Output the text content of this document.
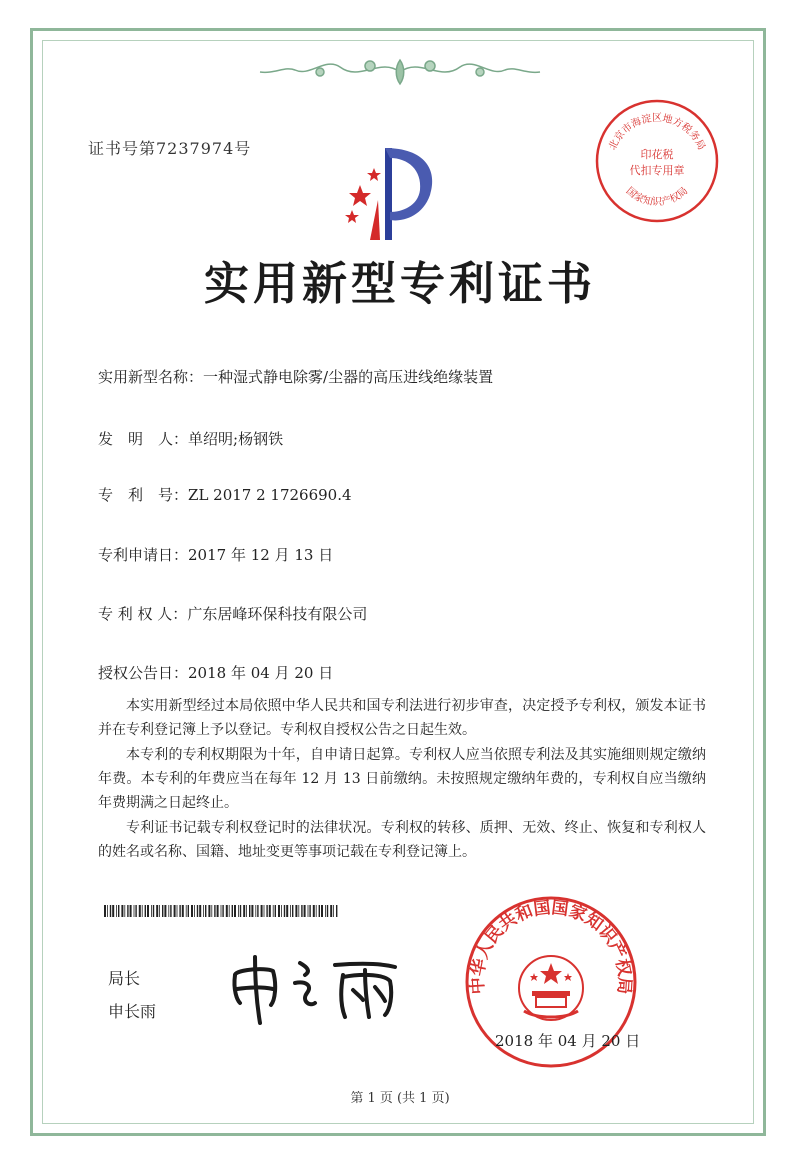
证书号第7237974号	北京市海淀区地方税务局
印花税
代扣专用章
国家知识产权局
实用新型专利证书
实用新型名称：一种湿式静电除雾/尘器的高压进线绝缘装置
发　明　人：单绍明;杨钢铁
专　利　号：ZL 2017 2 1726690.4
专利申请日：2017 年 12 月 13 日
专 利 权 人：广东居峰环保科技有限公司
授权公告日：2018 年 04 月 20 日
本实用新型经过本局依照中华人民共和国专利法进行初步审查，决定授予专利权，颁发本证书并在专利登记簿上予以登记。专利权自授权公告之日起生效。
本专利的专利权期限为十年，自申请日起算。专利权人应当依照专利法及其实施细则规定缴纳年费。本专利的年费应当在每年 12 月 13 日前缴纳。未按照规定缴纳年费的，专利权自应当缴纳年费期满之日起终止。
专利证书记载专利权登记时的法律状况。专利权的转移、质押、无效、终止、恢复和专利权人的姓名或名称、国籍、地址变更等事项记载在专利登记簿上。
局长
申长雨
中华人民共和国国家知识产权局
2018 年 04 月 20 日
第 1 页 (共 1 页)
